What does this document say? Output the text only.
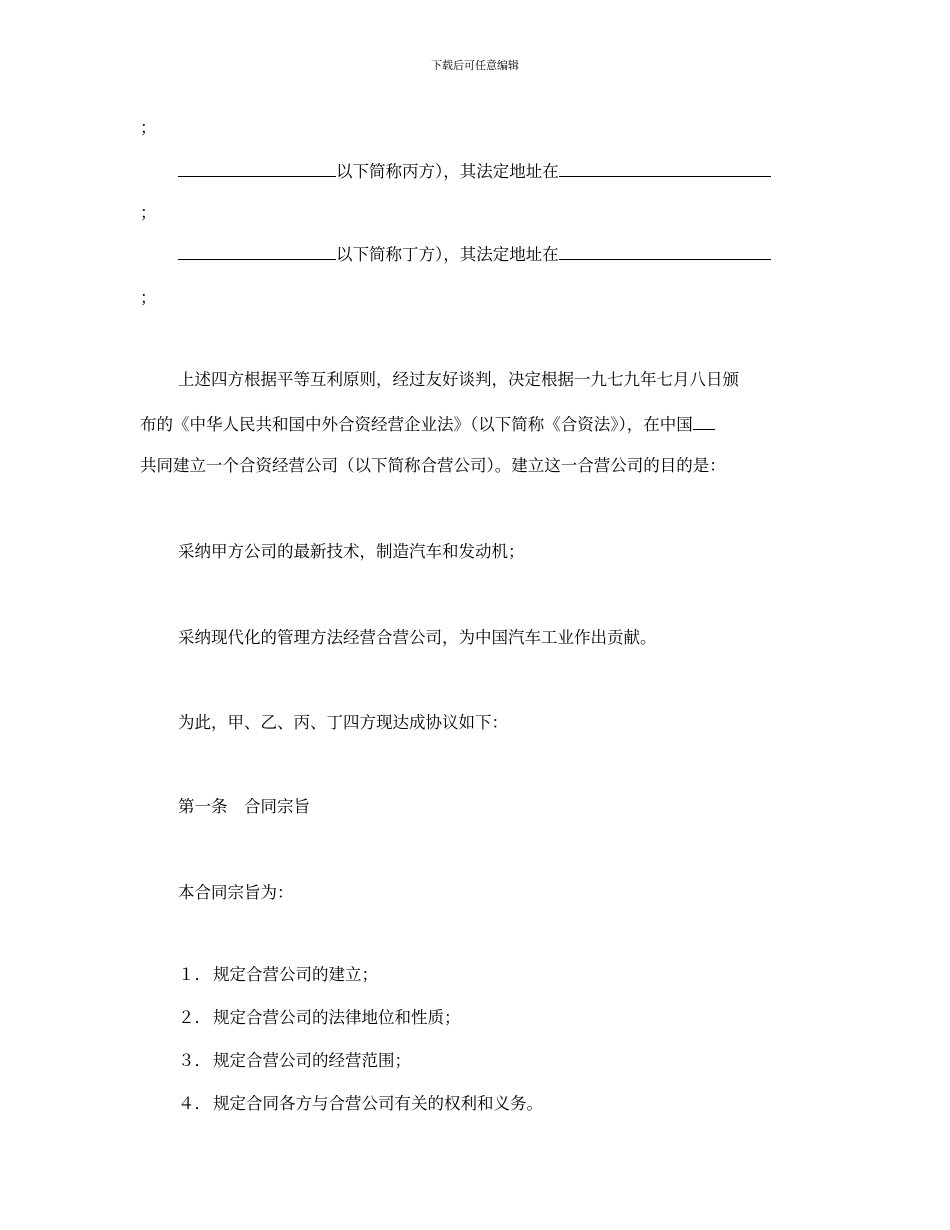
下载后可任意编辑
；
以下简称丙方），其法定地址在
；
以下简称丁方），其法定地址在
；
上述四方根据平等互利原则，经过友好谈判，决定根据一九七九年七月八日颁
布的《中华人民共和国中外合资经营企业法》（以下简称《合资法》），在中国
共同建立一个合资经营公司（以下简称合营公司）。建立这一合营公司的目的是：
采纳甲方公司的最新技术，制造汽车和发动机；
采纳现代化的管理方法经营合营公司，为中国汽车工业作出贡献。
为此，甲、乙、丙、丁四方现达成协议如下：
第一条　合同宗旨
本合同宗旨为：
１． 规定合营公司的建立；
２． 规定合营公司的法律地位和性质；
３． 规定合营公司的经营范围；
４． 规定合同各方与合营公司有关的权利和义务。
